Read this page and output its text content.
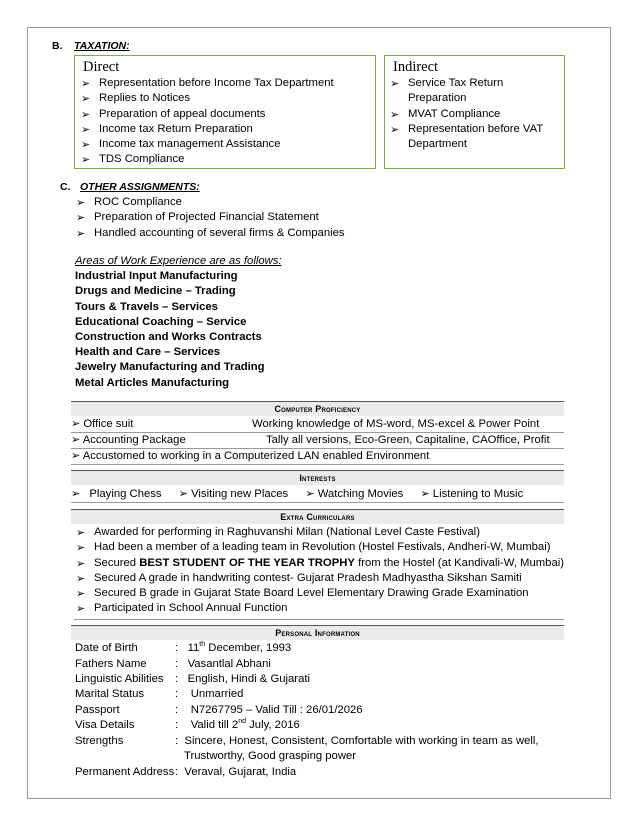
B. TAXATION:
Direct
➢ Representation before Income Tax Department
➢ Replies to Notices
➢ Preparation of appeal documents
➢ Income tax Return Preparation
➢ Income tax management Assistance
➢ TDS Compliance
Indirect
➢ Service Tax Return Preparation
➢ MVAT Compliance
➢ Representation before VAT Department
C. OTHER ASSIGNMENTS:
➢ ROC Compliance
➢ Preparation of Projected Financial Statement
➢ Handled accounting of several firms & Companies
Areas of Work Experience are as follows:
Industrial Input Manufacturing
Drugs and Medicine – Trading
Tours & Travels – Services
Educational Coaching – Service
Construction and Works Contracts
Health and Care – Services
Jewelry Manufacturing and Trading
Metal Articles Manufacturing
Computer Proficiency
➢ Office suit	Working knowledge of MS-word, MS-excel & Power Point
➢ Accounting Package	Tally all versions, Eco-Green, Capitaline, CAOffice, Profit
➢ Accustomed to working in a Computerized LAN enabled Environment
Interests
➢ Playing Chess ➢ Visiting new Places ➢ Watching Movies ➢ Listening to Music
Extra Curriculars
➢ Awarded for performing in Raghuvanshi Milan (National Level Caste Festival)
➢ Had been a member of a leading team in Revolution (Hostel Festivals, Andheri-W, Mumbai)
➢ Secured BEST STUDENT OF THE YEAR TROPHY from the Hostel (at Kandivali-W, Mumbai)
➢ Secured A grade in handwriting contest- Gujarat Pradesh Madhyastha Sikshan Samiti
➢ Secured B grade in Gujarat State Board Level Elementary Drawing Grade Examination
➢ Participated in School Annual Function
Personal Information
Date of Birth	:   11th December, 1993
Fathers Name	:   Vasantlal Abhani
Linguistic Abilities :   English, Hindi & Gujarati
Marital Status	:    Unmarried
Passport	:    N7267795 – Valid Till : 26/01/2026
Visa Details	:    Valid till 2nd July, 2016
Strengths	:  Sincere, Honest, Consistent, Comfortable with working in team as well,
Trustworthy, Good grasping power
Permanent Address :  Veraval, Gujarat, India
